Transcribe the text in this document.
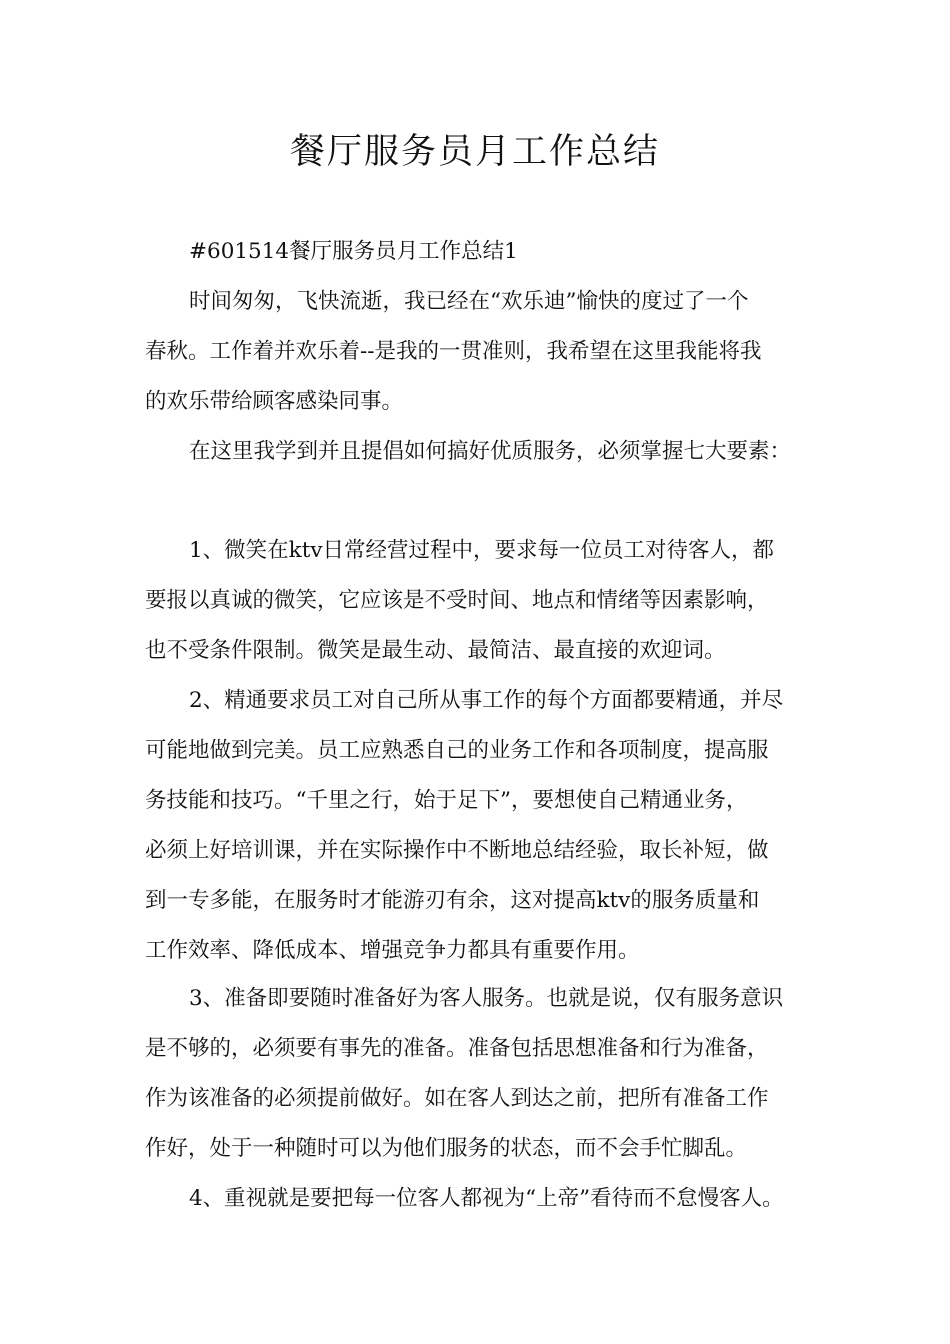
餐厅服务员月工作总结
#601514餐厅服务员月工作总结1
时间匆匆，飞快流逝，我已经在“欢乐迪”愉快的度过了一个
春秋。工作着并欢乐着--是我的一贯准则，我希望在这里我能将我
的欢乐带给顾客感染同事。
在这里我学到并且提倡如何搞好优质服务，必须掌握七大要素：
1、微笑在ktv日常经营过程中，要求每一位员工对待客人，都
要报以真诚的微笑，它应该是不受时间、地点和情绪等因素影响，
也不受条件限制。微笑是最生动、最简洁、最直接的欢迎词。
2、精通要求员工对自己所从事工作的每个方面都要精通，并尽
可能地做到完美。员工应熟悉自己的业务工作和各项制度，提高服
务技能和技巧。“千里之行，始于足下”，要想使自己精通业务，
必须上好培训课，并在实际操作中不断地总结经验，取长补短，做
到一专多能，在服务时才能游刃有余，这对提高ktv的服务质量和
工作效率、降低成本、增强竞争力都具有重要作用。
3、准备即要随时准备好为客人服务。也就是说，仅有服务意识
是不够的，必须要有事先的准备。准备包括思想准备和行为准备，
作为该准备的必须提前做好。如在客人到达之前，把所有准备工作
作好，处于一种随时可以为他们服务的状态，而不会手忙脚乱。
4、重视就是要把每一位客人都视为“上帝”看待而不怠慢客人。
